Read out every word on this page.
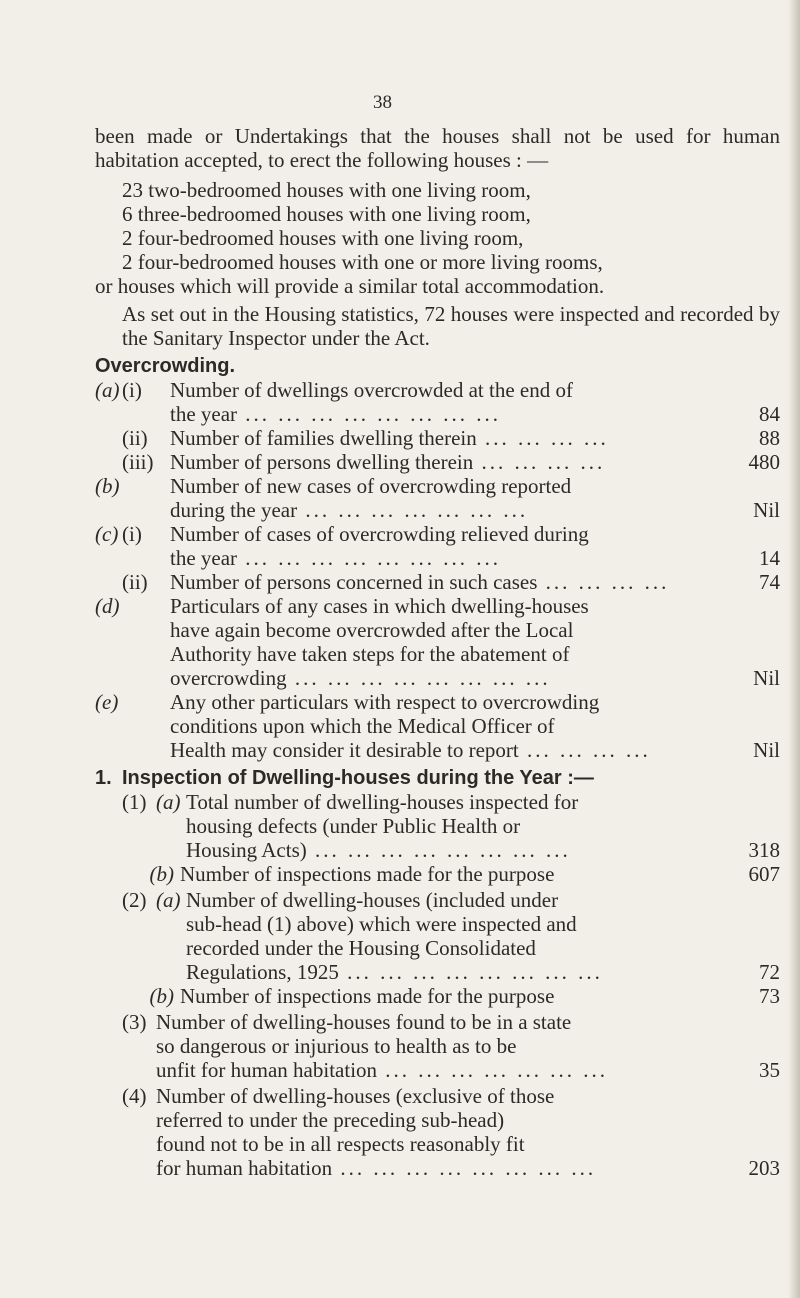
38

been made or Undertakings that the houses shall not be used for human habitation accepted, to erect the following houses : —

23 two-bedroomed houses with one living room,
6 three-bedroomed houses with one living room,
2 four-bedroomed houses with one living room,
2 four-bedroomed houses with one or more living rooms,

or houses which will provide a similar total accommodation.

As set out in the Housing statistics, 72 houses were inspected and recorded by the Sanitary Inspector under the Act.

Overcrowding.
(a) (i)	Number of dwellings overcrowded at the end of
the year ... ... ... ... ... ... ... ...
	84
(ii)	Number of families dwelling therein ... ... ... ...	88
(iii) Number of persons dwelling therein ... ... ... ...	480
(b) Number of new cases of overcrowding reported
during the year ... ... ... ... ... ... ...
	Nil
(c) (i)	Number of cases of overcrowding relieved during
the year ... ... ... ... ... ... ... ...
	14
(ii)	Number of persons concerned in such cases ... ... ... ...	74
(d) Particulars of any cases in which dwelling-houses
have again become overcrowded after the Local
Authority have taken steps for the abatement of
overcrowding ... ... ... ... ... ... ... ...

	Nil
(e) Any other particulars with respect to overcrowding
conditions upon which the Medical Officer of
Health may consider it desirable to report ... ... ... ...

	Nil
1. Inspection of Dwelling-houses during the Year :—
(1) (a) Total number of dwelling-houses inspected for
housing defects (under Public Health or
Housing Acts) ... ... ... ... ... ... ... ...

	318
(b) Number of inspections made for the purpose	607
(2) (a) Number of dwelling-houses (included under
sub-head (1) above) which were inspected and
recorded under the Housing Consolidated
Regulations, 1925 ... ... ... ... ... ... ... ...

	72
(b) Number of inspections made for the purpose	73
(3) Number of dwelling-houses found to be in a state
so dangerous or injurious to health as to be
unfit for human habitation ... ... ... ... ... ... ...

	35
(4) Number of dwelling-houses (exclusive of those
referred to under the preceding sub-head)
found not to be in all respects reasonably fit
for human habitation ... ... ... ... ... ... ... ...

	203
